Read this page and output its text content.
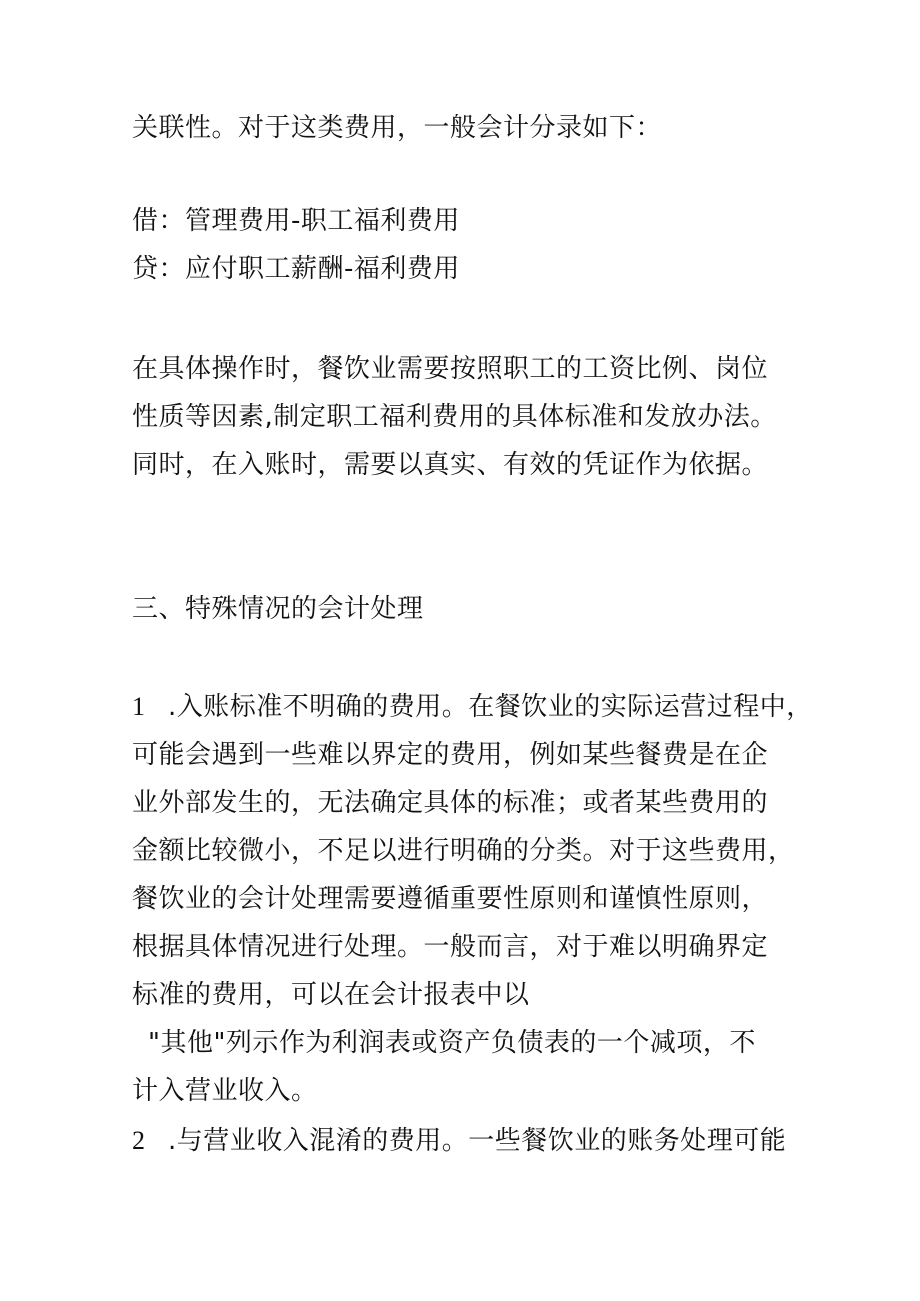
关联性。对于这类费用，一般会计分录如下：
借：管理费用-职工福利费用
贷：应付职工薪酬-福利费用
在具体操作时，餐饮业需要按照职工的工资比例、岗位
性质等因素,制定职工福利费用的具体标准和发放办法。
同时，在入账时，需要以真实、有效的凭证作为依据。
三、特殊情况的会计处理
1 .入账标准不明确的费用。在餐饮业的实际运营过程中，
可能会遇到一些难以界定的费用，例如某些餐费是在企
业外部发生的，无法确定具体的标准；或者某些费用的
金额比较微小，不足以进行明确的分类。对于这些费用，
餐饮业的会计处理需要遵循重要性原则和谨慎性原则，
根据具体情况进行处理。一般而言，对于难以明确界定
标准的费用，可以在会计报表中以
"其他"列示作为利润表或资产负债表的一个减项，不
计入营业收入。
2 .与营业收入混淆的费用。一些餐饮业的账务处理可能
